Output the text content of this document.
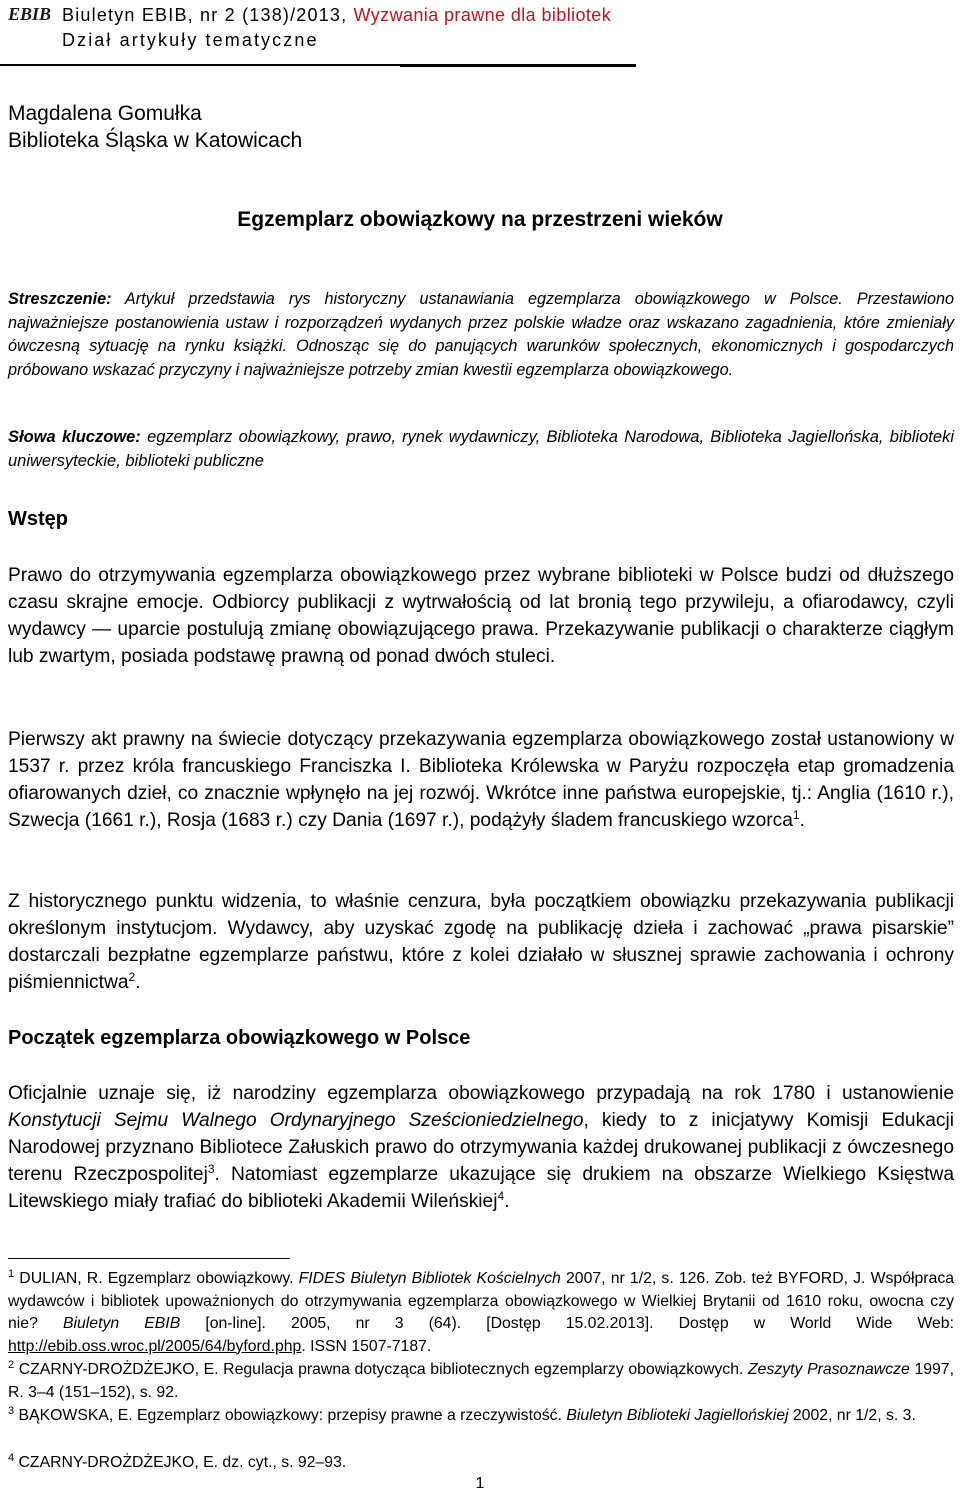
EBIB Biuletyn EBIB, nr 2 (138)/2013, Wyzwania prawne dla bibliotek
Dział artykuły tematyczne
Magdalena Gomułka
Biblioteka Śląska w Katowicach
Egzemplarz obowiązkowy na przestrzeni wieków
Streszczenie: Artykuł przedstawia rys historyczny ustanawiania egzemplarza obowiązkowego w Polsce. Przestawiono najważniejsze postanowienia ustaw i rozporządzeń wydanych przez polskie władze oraz wskazano zagadnienia, które zmieniały ówczesną sytuację na rynku książki. Odnosząc się do panujących warunków społecznych, ekonomicznych i gospodarczych próbowano wskazać przyczyny i najważniejsze potrzeby zmian kwestii egzemplarza obowiązkowego.
Słowa kluczowe: egzemplarz obowiązkowy, prawo, rynek wydawniczy, Biblioteka Narodowa, Biblioteka Jagiellońska, biblioteki uniwersyteckie, biblioteki publiczne
Wstęp
Prawo do otrzymywania egzemplarza obowiązkowego przez wybrane biblioteki w Polsce budzi od dłuższego czasu skrajne emocje. Odbiorcy publikacji z wytrwałością od lat bronią tego przywileju, a ofiarodawcy, czyli wydawcy — uparcie postulują zmianę obowiązującego prawa. Przekazywanie publikacji o charakterze ciągłym lub zwartym, posiada podstawę prawną od ponad dwóch stuleci.
Pierwszy akt prawny na świecie dotyczący przekazywania egzemplarza obowiązkowego został ustanowiony w 1537 r. przez króla francuskiego Franciszka I. Biblioteka Królewska w Paryżu rozpoczęła etap gromadzenia ofiarowanych dzieł, co znacznie wpłynęło na jej rozwój. Wkrótce inne państwa europejskie, tj.: Anglia (1610 r.), Szwecja (1661 r.), Rosja (1683 r.) czy Dania (1697 r.), podążyły śladem francuskiego wzorca$^1$.
Z historycznego punktu widzenia, to właśnie cenzura, była początkiem obowiązku przekazywania publikacji określonym instytucjom. Wydawcy, aby uzyskać zgodę na publikację dzieła i zachować „prawa pisarskie” dostarczali bezpłatne egzemplarze państwu, które z kolei działało w słusznej sprawie zachowania i ochrony piśmiennictwa$^2$.
Początek egzemplarza obowiązkowego w Polsce
Oficjalnie uznaje się, iż narodziny egzemplarza obowiązkowego przypadają na rok 1780 i ustanowienie Konstytucji Sejmu Walnego Ordynaryjnego Sześcioniedzielnego, kiedy to z inicjatywy Komisji Edukacji Narodowej przyznano Bibliotece Załuskich prawo do otrzymywania każdej drukowanej publikacji z ówczesnego terenu Rzeczpospolitej$^3$. Natomiast egzemplarze ukazujące się drukiem na obszarze Wielkiego Księstwa Litewskiego miały trafiać do biblioteki Akademii Wileńskiej$^4$.
$^1$ DULIAN, R. Egzemplarz obowiązkowy. FIDES Biuletyn Bibliotek Kościelnych 2007, nr 1/2, s. 126. Zob. też BYFORD, J. Współpraca wydawców i bibliotek upoważnionych do otrzymywania egzemplarza obowiązkowego w Wielkiej Brytanii od 1610 roku, owocna czy nie? Biuletyn EBIB [on-line]. 2005, nr 3 (64). [Dostęp 15.02.2013]. Dostęp w World Wide Web: http://ebib.oss.wroc.pl/2005/64/byford.php. ISSN 1507-7187.
$^2$ CZARNY-DROŻDŻEJKO, E. Regulacja prawna dotycząca bibliotecznych egzemplarzy obowiązkowych. Zeszyty Prasoznawcze 1997, R. 3–4 (151–152), s. 92.
$^3$ BĄKOWSKA, E. Egzemplarz obowiązkowy: przepisy prawne a rzeczywistość. Biuletyn Biblioteki Jagiellońskiej 2002, nr 1/2, s. 3.
$^4$ CZARNY-DROŻDŻEJKO, E. dz. cyt., s. 92–93.
1
